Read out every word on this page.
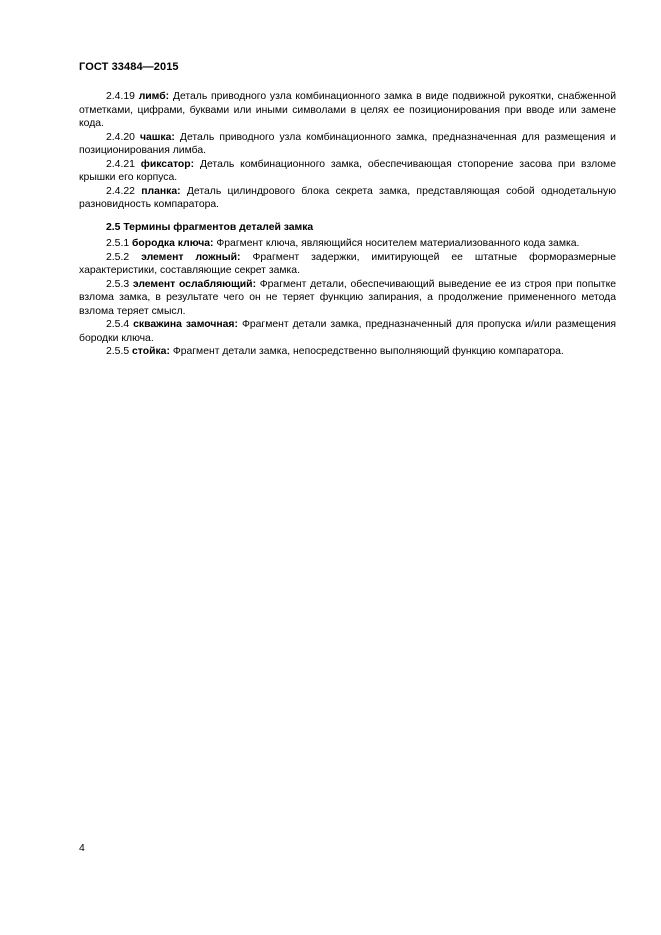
ГОСТ 33484—2015

2.4.19 лимб: Деталь приводного узла комбинационного замка в виде подвижной рукоятки, снабженной отметками, цифрами, буквами или иными символами в целях ее позиционирования при вводе или замене кода.

2.4.20 чашка: Деталь приводного узла комбинационного замка, предназначенная для размещения и позиционирования лимба.

2.4.21 фиксатор: Деталь комбинационного замка, обеспечивающая стопорение засова при взломе крышки его корпуса.

2.4.22 планка: Деталь цилиндрового блока секрета замка, представляющая собой однодетальную разновидность компаратора.

2.5 Термины фрагментов деталей замка

2.5.1 бородка ключа: Фрагмент ключа, являющийся носителем материализованного кода замка.

2.5.2 элемент ложный: Фрагмент задержки, имитирующей ее штатные форморазмерные характеристики, составляющие секрет замка.

2.5.3 элемент ослабляющий: Фрагмент детали, обеспечивающий выведение ее из строя при попытке взлома замка, в результате чего он не теряет функцию запирания, а продолжение примененного метода взлома теряет смысл.

2.5.4 скважина замочная: Фрагмент детали замка, предназначенный для пропуска и/или размещения бородки ключа.

2.5.5 стойка: Фрагмент детали замка, непосредственно выполняющий функцию компаратора.

4
